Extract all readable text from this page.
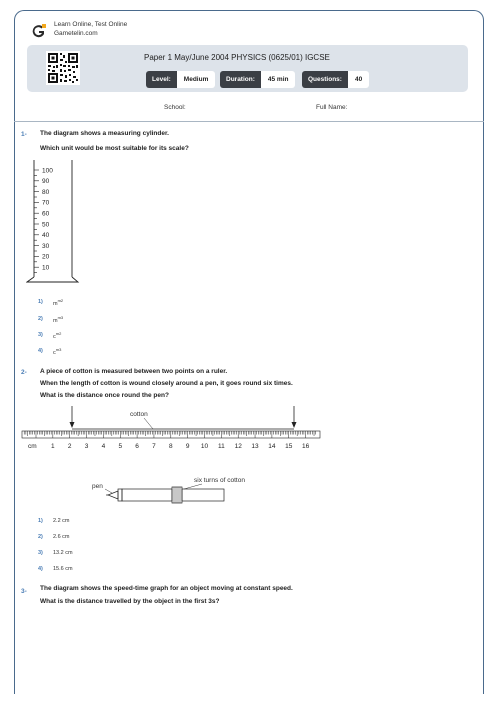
Learn Online, Test Online
Gametelin.com
Paper 1 May/June 2004 PHYSICS (0625/01) IGCSE
Level:	Medium	Duration:	45 min	Questions:	40
School:	Full Name:
1- The diagram shows a measuring cylinder.
Which unit would be most suitable for its scale?
100
90
80
70
60
50
40
30
20
10
1) $m^{m2}$
2) $m^{m3}$
3) $c^{m2}$
4) $c^{m3}$
2- A piece of cotton is measured between two points on a ruler.
When the length of cotton is wound closely around a pen, it goes round six times.
What is the distance once round the pen?
cotton
cm 1 2 3 4 5 6 7 8 9 10 11 12 13 14 15 16
pen
six turns of cotton
1) 2.2 cm
2) 2.6 cm
3) 13.2 cm
4) 15.6 cm
3- The diagram shows the speed-time graph for an object moving at constant speed.
What is the distance travelled by the object in the first 3s?
